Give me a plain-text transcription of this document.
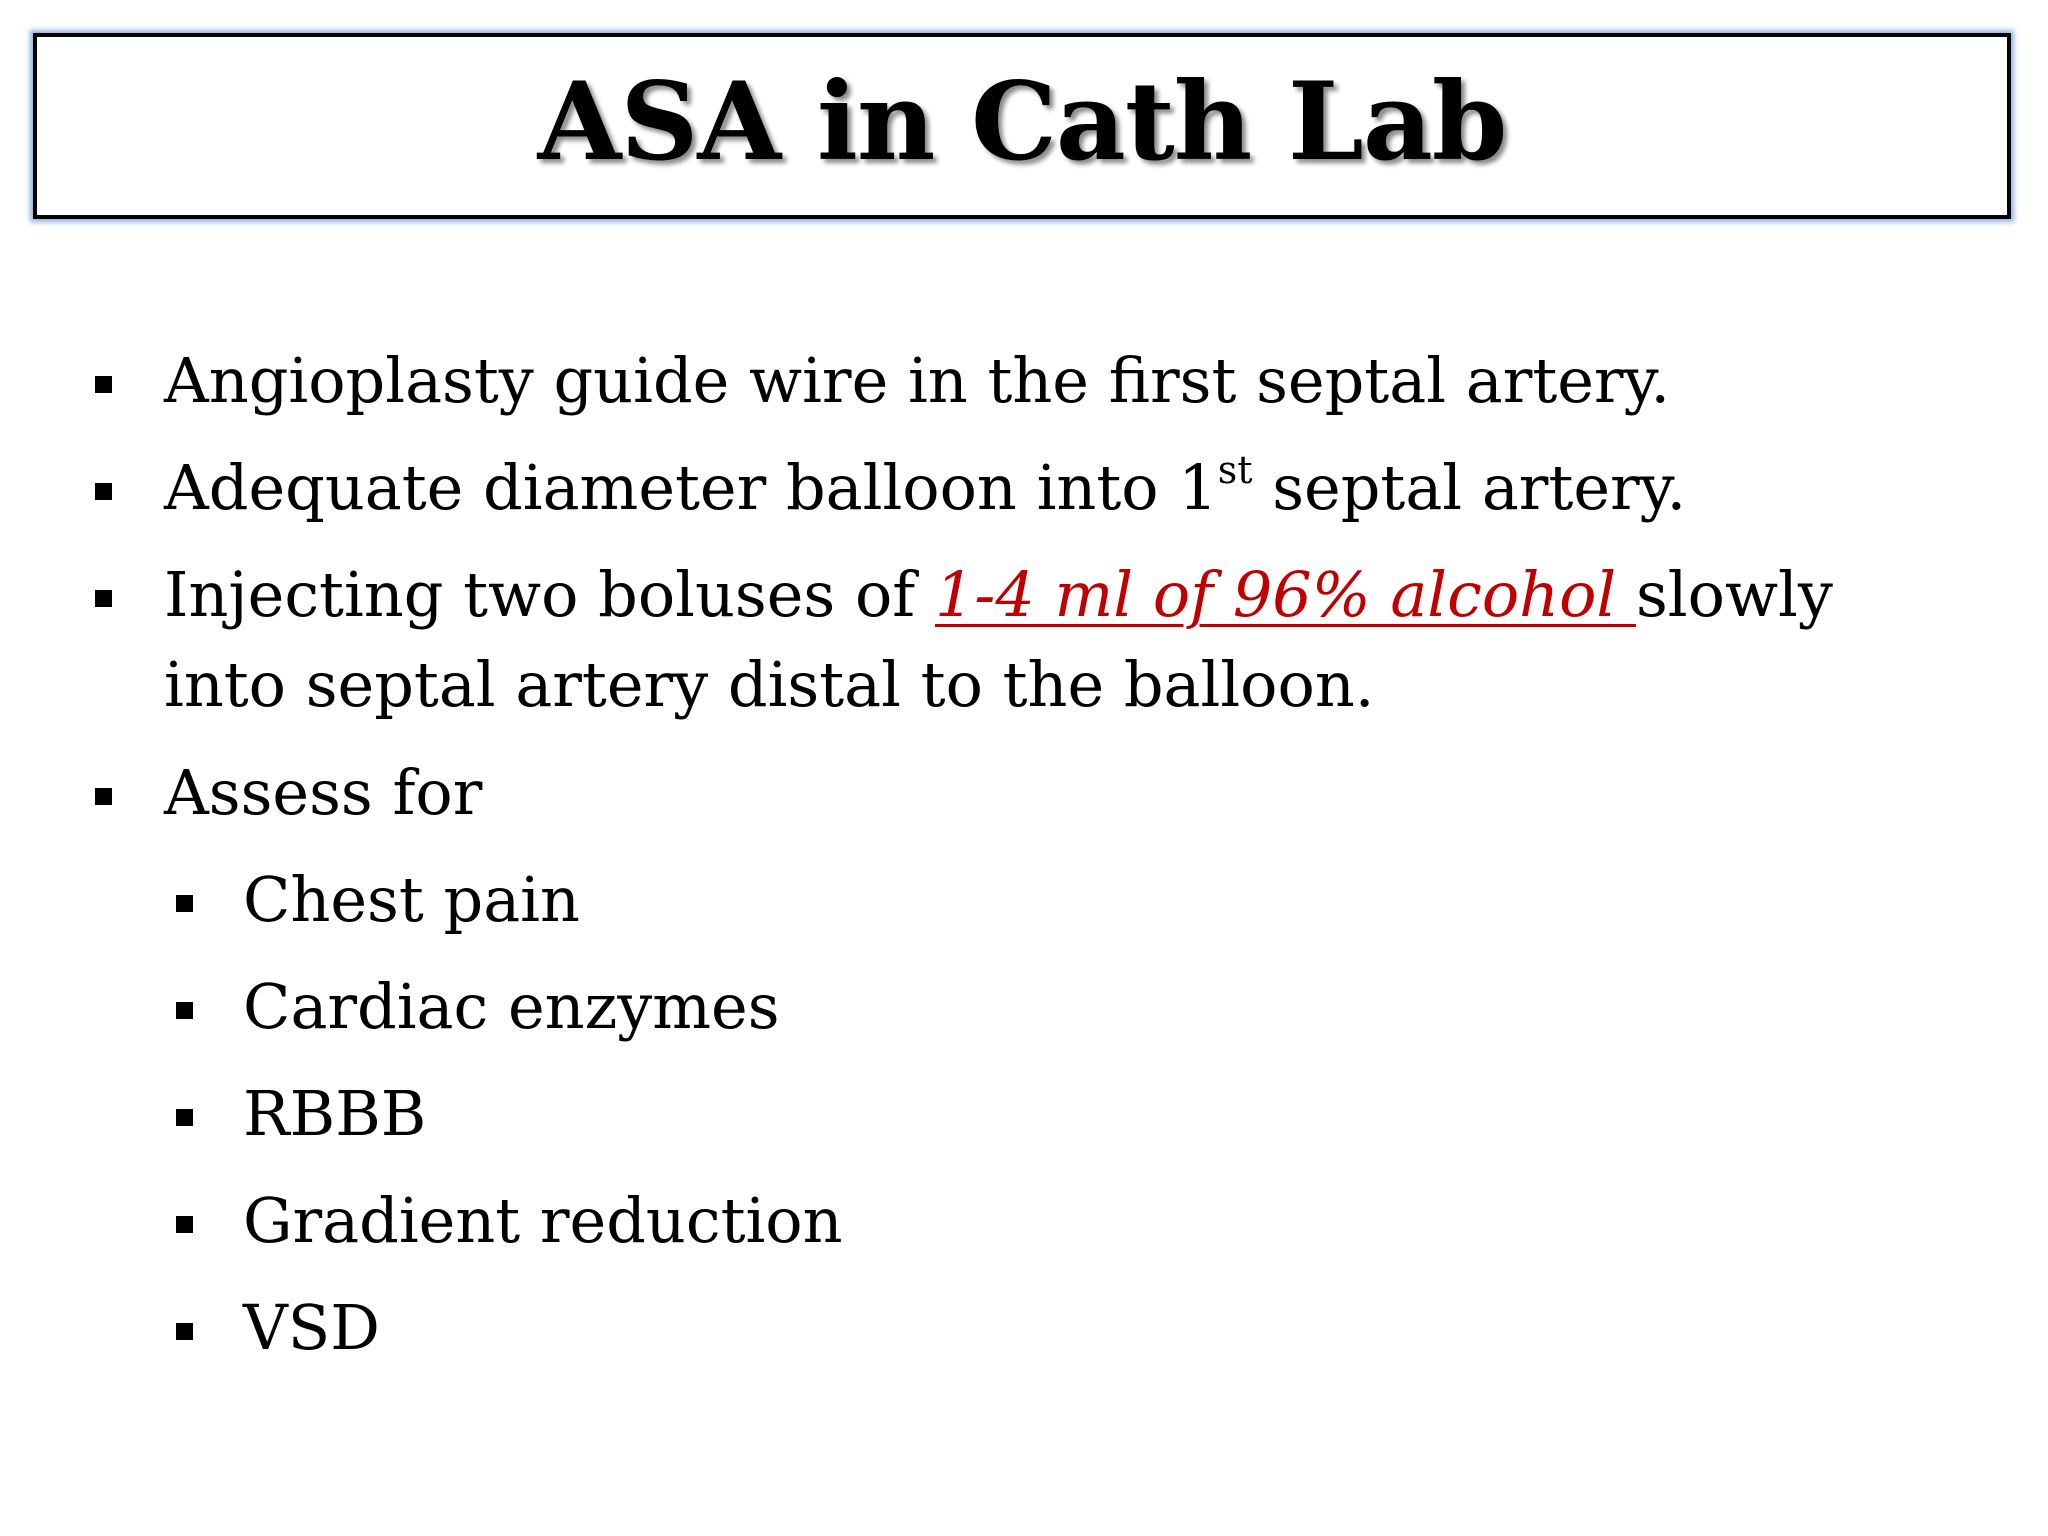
ASA in Cath Lab
Angioplasty guide wire in the first septal artery.
Adequate diameter balloon into 1st septal artery.
Injecting two boluses of 1-4 ml of 96% alcohol slowly
into septal artery distal to the balloon.
Assess for
Chest pain
Cardiac enzymes
RBBB
Gradient reduction
VSD
